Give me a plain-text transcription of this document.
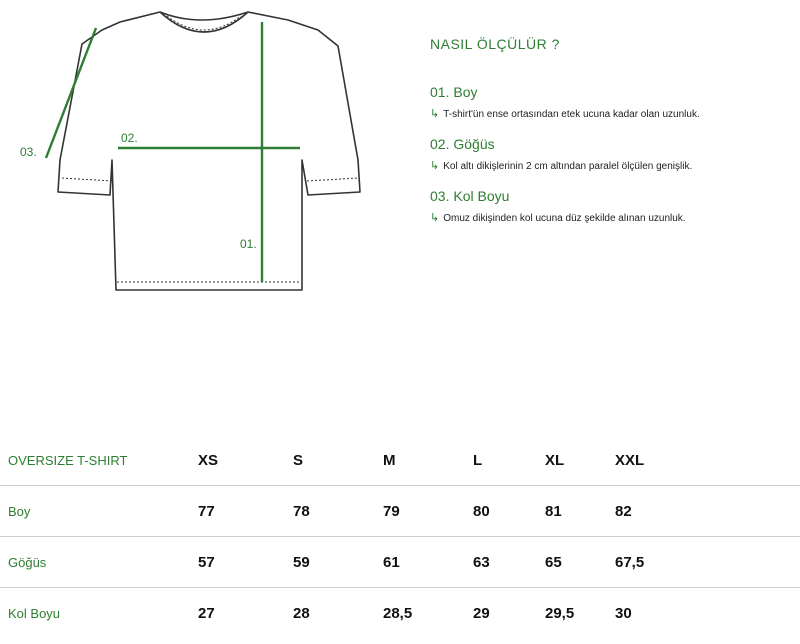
01.
02.
03.
NASIL ÖLÇÜLÜR ?
01. Boy
↳ T-shirt'ün ense ortasından etek ucuna kadar olan uzunluk.
02. Göğüs
↳ Kol altı dikişlerinin 2 cm altından paralel ölçülen genişlik.
03. Kol Boyu
↳ Omuz dikişinden kol ucuna düz şekilde alınan uzunluk.
OVERSIZE T-SHIRT	XS	S	M	L	XL	XXL
Boy	77	78	79	80	81	82
Göğüs	57	59	61	63	65	67,5
Kol Boyu	27	28	28,5	29	29,5	30
